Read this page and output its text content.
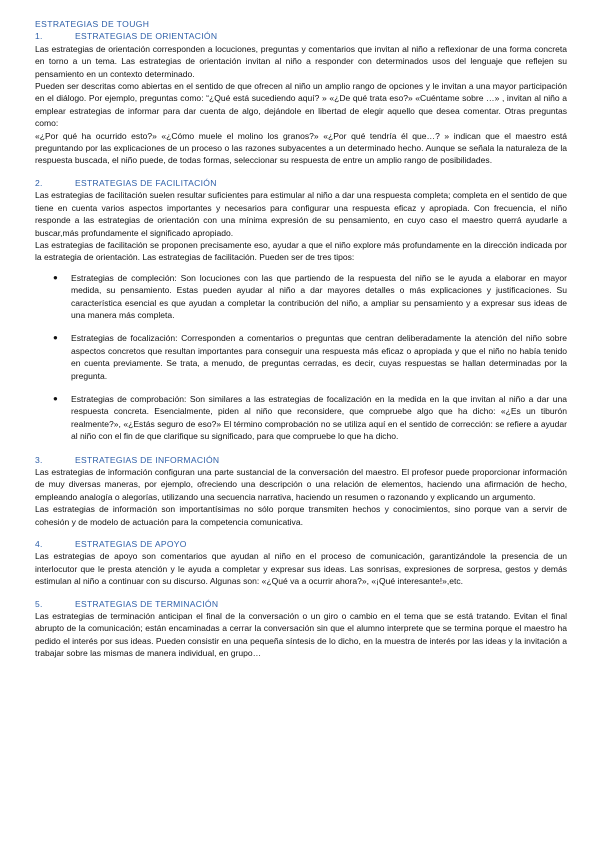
ESTRATEGIAS DE TOUGH
1.	ESTRATEGIAS DE ORIENTACIÓN

Las estrategias de orientación corresponden a locuciones, preguntas y comentarios que invitan al niño a reflexionar de una forma concreta en torno a un tema. Las estrategias de orientación invitan al niño a responder con determinados usos del lenguaje que reflejen su pensamiento en un contexto determinado.

Pueden ser descritas como abiertas en el sentido de que ofrecen al niño un amplio rango de opciones y le invitan a una mayor participación en el diálogo. Por ejemplo, preguntas como: “¿Qué está sucediendo aquí? » «¿De qué trata eso?» «Cuéntame sobre …» , invitan al niño a emplear estrategias de informar para dar cuenta de algo, dejándole en libertad de elegir aquello que desea comentar. Otras preguntas como:

«¿Por qué ha ocurrido esto?» «¿Cómo muele el molino los granos?» «¿Por qué tendría él que…? » indican que el maestro está preguntando por las explicaciones de un proceso o las razones subyacentes a un determinado hecho. Aunque se señala la naturaleza de la respuesta buscada, el niño puede, de todas formas, seleccionar su respuesta de entre un amplio rango de posibilidades.

2.	ESTRATEGIAS DE FACILITACIÓN

Las estrategias de facilitación suelen resultar suficientes para estimular al niño a dar una respuesta completa; completa en el sentido de que tiene en cuenta varios aspectos importantes y necesarios para configurar una respuesta eficaz y apropiada. Con frecuencia, el niño responde a las estrategias de orientación con una mínima expresión de su pensamiento, en cuyo caso el maestro querrá ayudarle a buscar,más profundamente el significado apropiado.

Las estrategias de facilitación se proponen precisamente eso, ayudar a que el niño explore más profundamente en la dirección indicada por la estrategia de orientación. Las estrategias de facilitación. Pueden ser de tres tipos:

●	Estrategias de compleción: Son locuciones con las que partiendo de la respuesta del niño se le ayuda a elaborar en mayor medida, su pensamiento. Estas pueden ayudar al niño a dar mayores detalles o más explicaciones y justificaciones. Su característica esencial es que ayudan a completar la contribución del niño, a ampliar su pensamiento y a expresar sus ideas de una manera más completa.

●	Estrategias de focalización: Corresponden a comentarios o preguntas que centran deliberadamente la atención del niño sobre aspectos concretos que resultan importantes para conseguir una respuesta más eficaz o apropiada y que el niño no había tenido en cuenta previamente. Se trata, a menudo, de preguntas cerradas, es decir, cuyas respuestas se hallan determinadas por la pregunta.

●	Estrategias de comprobación: Son similares a las estrategias de focalización en la medida en la que invitan al niño a dar una respuesta concreta. Esencialmente, piden al niño que reconsidere, que compruebe algo que ha dicho: «¿Es un tiburón realmente?», «¿Estás seguro de eso?» El término comprobación no se utiliza aquí en el sentido de corrección: se refiere a ayudar al niño con el fin de que clarifique su significado, para que compruebe lo que ha dicho.

3.	ESTRATEGIAS DE INFORMACIÓN

Las estrategias de información configuran una parte sustancial de la conversación del maestro. El profesor puede proporcionar información de muy diversas maneras, por ejemplo, ofreciendo una descripción o una relación de elementos, haciendo una afirmación de hecho, empleando analogía o alegorías, utilizando una secuencia narrativa, haciendo un resumen o razonando y explicando un argumento.

Las estrategias de información son importantísimas no sólo porque transmiten hechos y conocimientos, sino porque van a servir de cohesión y de modelo de actuación para la competencia comunicativa.

4.	ESTRATEGIAS DE APOYO

Las estrategias de apoyo son comentarios que ayudan al niño en el proceso de comunicación, garantizándole la presencia de un interlocutor que le presta atención y le ayuda a completar y expresar sus ideas. Las sonrisas, expresiones de sorpresa, gestos y demás estimulan al niño a continuar con su discurso. Algunas son: «¿Qué va a ocurrir ahora?», «¡Qué interesante!»,etc.

5.	ESTRATEGIAS DE TERMINACIÓN

Las estrategias de terminación anticipan el final de la conversación o un giro o cambio en el tema que se está tratando. Evitan el final abrupto de la comunicación; están encaminadas a cerrar la conversación sin que el alumno interprete que se termina porque el maestro ha pedido el interés por sus ideas. Pueden consistir en una pequeña síntesis de lo dicho, en la muestra de interés por las ideas y la invitación a trabajar sobre las mismas de manera individual, en grupo…
